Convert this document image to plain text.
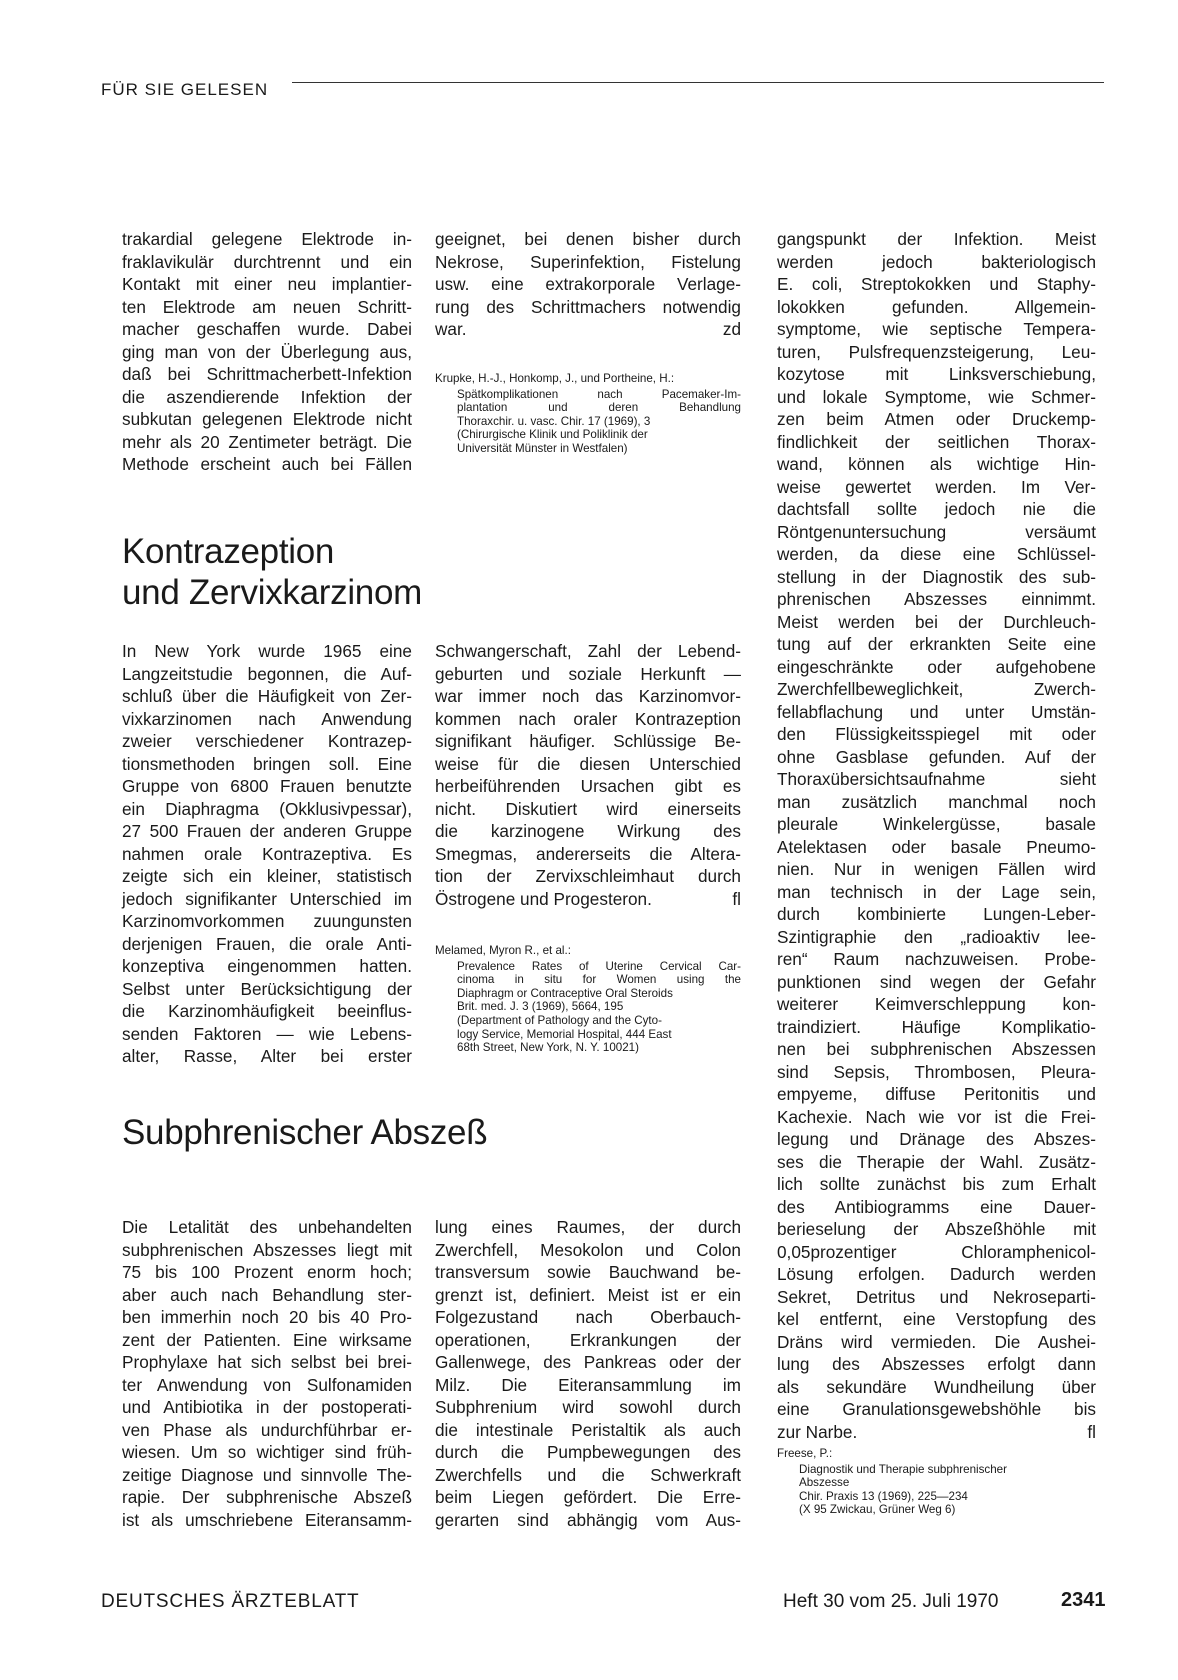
FÜR SIE GELESEN
trakardial gelegene Elektrode in-
fraklavikulär durchtrennt und ein
Kontakt mit einer neu implantier-
ten Elektrode am neuen Schritt-
macher geschaffen wurde. Dabei
ging man von der Überlegung aus,
daß bei Schrittmacherbett-Infektion
die aszendierende Infektion der
subkutan gelegenen Elektrode nicht
mehr als 20 Zentimeter beträgt. Die
Methode erscheint auch bei Fällen
geeignet, bei denen bisher durch
Nekrose, Superinfektion, Fistelung
usw. eine extrakorporale Verlage-
rung des Schrittmachers notwendig
war.	zd
Krupke, H.-J., Honkomp, J., und Portheine, H.:
Spätkomplikationen nach Pacemaker-Im-
plantation und deren Behandlung
Thoraxchir. u. vasc. Chir. 17 (1969), 3
(Chirurgische Klinik und Poliklinik der
Universität Münster in Westfalen)
Kontrazeption
und Zervixkarzinom
In New York wurde 1965 eine
Langzeitstudie begonnen, die Auf-
schluß über die Häufigkeit von Zer-
vixkarzinomen nach Anwendung
zweier verschiedener Kontrazep-
tionsmethoden bringen soll. Eine
Gruppe von 6800 Frauen benutzte
ein Diaphragma (Okklusivpessar),
27 500 Frauen der anderen Gruppe
nahmen orale Kontrazeptiva. Es
zeigte sich ein kleiner, statistisch
jedoch signifikanter Unterschied im
Karzinomvorkommen zuungunsten
derjenigen Frauen, die orale Anti-
konzeptiva eingenommen hatten.
Selbst unter Berücksichtigung der
die Karzinomhäufigkeit beeinflus-
senden Faktoren — wie Lebens-
alter, Rasse, Alter bei erster
Schwangerschaft, Zahl der Lebend-
geburten und soziale Herkunft —
war immer noch das Karzinomvor-
kommen nach oraler Kontrazeption
signifikant häufiger. Schlüssige Be-
weise für die diesen Unterschied
herbeiführenden Ursachen gibt es
nicht. Diskutiert wird einerseits
die karzinogene Wirkung des
Smegmas, andererseits die Altera-
tion der Zervixschleimhaut durch
Östrogene und Progesteron.	fl
Melamed, Myron R., et al.:
Prevalence Rates of Uterine Cervical Car-
cinoma in situ for Women using the
Diaphragm or Contraceptive Oral Steroids
Brit. med. J. 3 (1969), 5664, 195
(Department of Pathology and the Cyto-
logy Service, Memorial Hospital, 444 East
68th Street, New York, N. Y. 10021)
Subphrenischer Abszeß
Die Letalität des unbehandelten
subphrenischen Abszesses liegt mit
75 bis 100 Prozent enorm hoch;
aber auch nach Behandlung ster-
ben immerhin noch 20 bis 40 Pro-
zent der Patienten. Eine wirksame
Prophylaxe hat sich selbst bei brei-
ter Anwendung von Sulfonamiden
und Antibiotika in der postoperati-
ven Phase als undurchführbar er-
wiesen. Um so wichtiger sind früh-
zeitige Diagnose und sinnvolle The-
rapie. Der subphrenische Abszeß
ist als umschriebene Eiteransamm-
lung eines Raumes, der durch
Zwerchfell, Mesokolon und Colon
transversum sowie Bauchwand be-
grenzt ist, definiert. Meist ist er ein
Folgezustand nach Oberbauch-
operationen, Erkrankungen der
Gallenwege, des Pankreas oder der
Milz. Die Eiteransammlung im
Subphrenium wird sowohl durch
die intestinale Peristaltik als auch
durch die Pumpbewegungen des
Zwerchfells und die Schwerkraft
beim Liegen gefördert. Die Erre-
gerarten sind abhängig vom Aus-
gangspunkt der Infektion. Meist
werden jedoch bakteriologisch
E. coli, Streptokokken und Staphy-
lokokken gefunden. Allgemein-
symptome, wie septische Tempera-
turen, Pulsfrequenzsteigerung, Leu-
kozytose mit Linksverschiebung,
und lokale Symptome, wie Schmer-
zen beim Atmen oder Druckemp-
findlichkeit der seitlichen Thorax-
wand, können als wichtige Hin-
weise gewertet werden. Im Ver-
dachtsfall sollte jedoch nie die
Röntgenuntersuchung versäumt
werden, da diese eine Schlüssel-
stellung in der Diagnostik des sub-
phrenischen Abszesses einnimmt.
Meist werden bei der Durchleuch-
tung auf der erkrankten Seite eine
eingeschränkte oder aufgehobene
Zwerchfellbeweglichkeit, Zwerch-
fellabflachung und unter Umstän-
den Flüssigkeitsspiegel mit oder
ohne Gasblase gefunden. Auf der
Thoraxübersichtsaufnahme sieht
man zusätzlich manchmal noch
pleurale Winkelergüsse, basale
Atelektasen oder basale Pneumo-
nien. Nur in wenigen Fällen wird
man technisch in der Lage sein,
durch kombinierte Lungen-Leber-
Szintigraphie den „radioaktiv lee-
ren“ Raum nachzuweisen. Probe-
punktionen sind wegen der Gefahr
weiterer Keimverschleppung kon-
traindiziert. Häufige Komplikatio-
nen bei subphrenischen Abszessen
sind Sepsis, Thrombosen, Pleura-
empyeme, diffuse Peritonitis und
Kachexie. Nach wie vor ist die Frei-
legung und Dränage des Abszes-
ses die Therapie der Wahl. Zusätz-
lich sollte zunächst bis zum Erhalt
des Antibiogramms eine Dauer-
berieselung der Abszeßhöhle mit
0,05prozentiger Chloramphenicol-
Lösung erfolgen. Dadurch werden
Sekret, Detritus und Nekroseparti-
kel entfernt, eine Verstopfung des
Dräns wird vermieden. Die Aushei-
lung des Abszesses erfolgt dann
als sekundäre Wundheilung über
eine Granulationsgewebshöhle bis
zur Narbe.	fl
Freese, P.:
Diagnostik und Therapie subphrenischer
Abszesse
Chir. Praxis 13 (1969), 225—234
(X 95 Zwickau, Grüner Weg 6)
DEUTSCHES ÄRZTEBLATT	Heft 30 vom 25. Juli 1970	2341
